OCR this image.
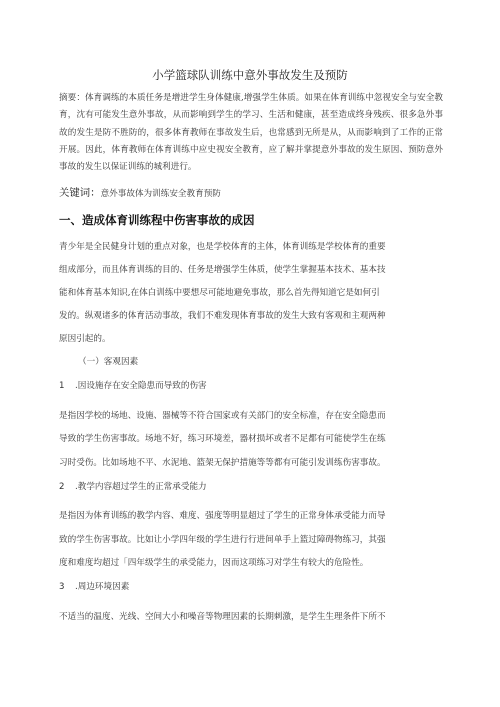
小学篮球队训练中意外事故发生及预防
摘要：体育调练的本质任务是增进学生身体健康,增强学生体质。如果在体育训练中忽视安全与安全教育，沈有可能发生意外事故，从而影响到学生的学习、生活和健康，甚至造成终身残疾、很多急外事故的发生是防不胜防的，很多体育教师在事故发生后，也常感到无所是从，从而影响到了工作的正常开展。因此，体育教师在体育训练中应史视安全教育，应了解并掌提意外事故的发生原因、预防意外事故的发生以保证训练的城利进行。
关键词：意外事故体为训练安全教育预防
一、造成体育训练程中伤害事故的成因
青少年是全民健身计划的重点对象，也是学校体育的主体，体育训练是学校体育的重要
组成部分，而且体育训练的目的、任务是增强学生体质，使学生掌握基本技术、基本技
能和体育基本知识,在体白训练中要想尽可能地避免事故，那么首先得知道它是如何引
发的。纵观诸多的体育活动事故，我们不难发现体育事故的发生大致有客观和主观两种
原因引起的。
（一）客观因素
1 .因设施存在安全隐患而导致的伤害
是指因学校的场地、设施、器械等不符合国家或有关部门的安全标准，存在安全隐患而
导致的学生伤害事故。场地不好，练习环境差，器材损坏或者不足都有可能使学生在练
习时受伤。比如场地不平、水泥地、篮架无保护措施等等都有可能引发训练伤害事故。
2 .教学内容超过学生的正常承受能力
是指因为体育训练的教学内容、难度、强度等明显超过了学生的正常身体承受能力而导
致的学生伤害事故。比如让小学四年级的学生进行行进间单手上篮过障碍物练习，其强
度和难度均超过「四年级学生的承受能力，因而这项练习对学生有较大的危险性。
3 .周边环境因素
不适当的温度、光线、空间大小和噪音等物理因素的长期刺激，是学生生理条件下所不
